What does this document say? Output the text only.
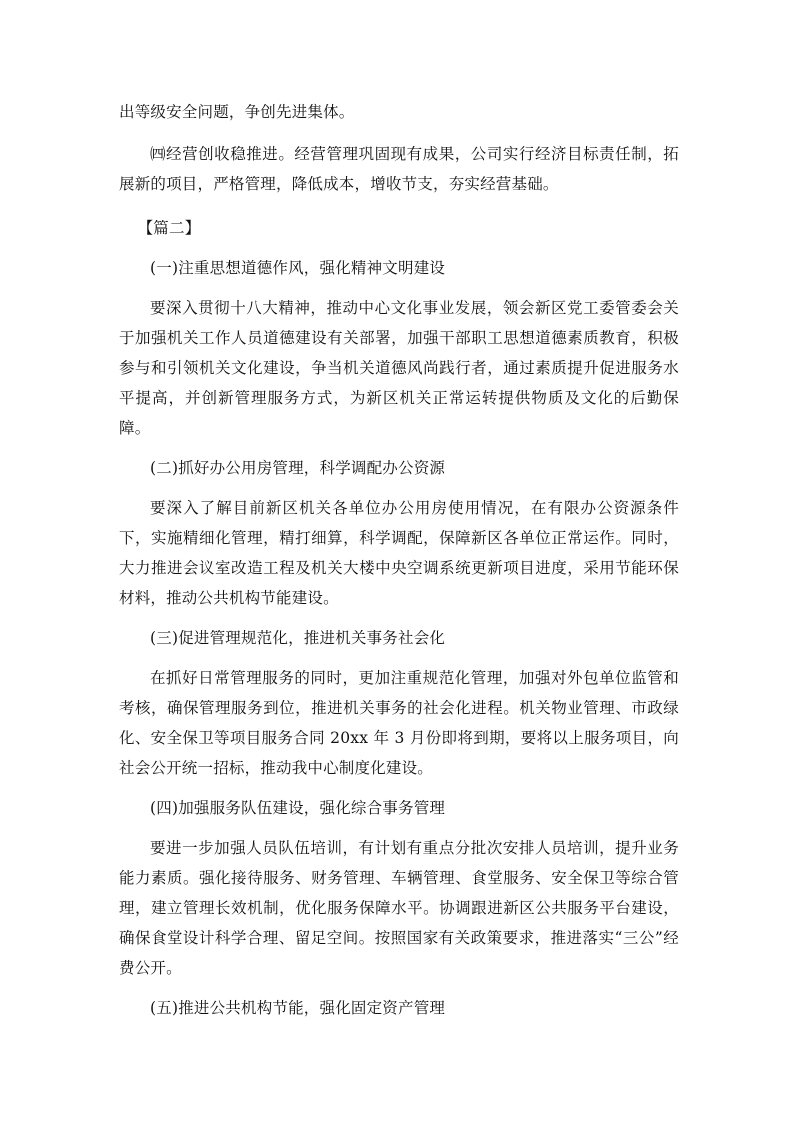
出等级安全问题，争创先进集体。

㈣经营创收稳推进。经营管理巩固现有成果，公司实行经济目标责任制，拓展新的项目，严格管理，降低成本，增收节支，夯实经营基础。

【篇二】

(一)注重思想道德作风，强化精神文明建设

要深入贯彻十八大精神，推动中心文化事业发展，领会新区党工委管委会关于加强机关工作人员道德建设有关部署，加强干部职工思想道德素质教育，积极参与和引领机关文化建设，争当机关道德风尚践行者，通过素质提升促进服务水平提高，并创新管理服务方式，为新区机关正常运转提供物质及文化的后勤保障。

(二)抓好办公用房管理，科学调配办公资源

要深入了解目前新区机关各单位办公用房使用情况，在有限办公资源条件下，实施精细化管理，精打细算，科学调配，保障新区各单位正常运作。同时，大力推进会议室改造工程及机关大楼中央空调系统更新项目进度，采用节能环保材料，推动公共机构节能建设。

(三)促进管理规范化，推进机关事务社会化

在抓好日常管理服务的同时，更加注重规范化管理，加强对外包单位监管和考核，确保管理服务到位，推进机关事务的社会化进程。机关物业管理、市政绿化、安全保卫等项目服务合同 20xx 年 3 月份即将到期，要将以上服务项目，向社会公开统一招标，推动我中心制度化建设。

(四)加强服务队伍建设，强化综合事务管理

要进一步加强人员队伍培训，有计划有重点分批次安排人员培训，提升业务能力素质。强化接待服务、财务管理、车辆管理、食堂服务、安全保卫等综合管理，建立管理长效机制，优化服务保障水平。协调跟进新区公共服务平台建设，确保食堂设计科学合理、留足空间。按照国家有关政策要求，推进落实“三公”经费公开。

(五)推进公共机构节能，强化固定资产管理
